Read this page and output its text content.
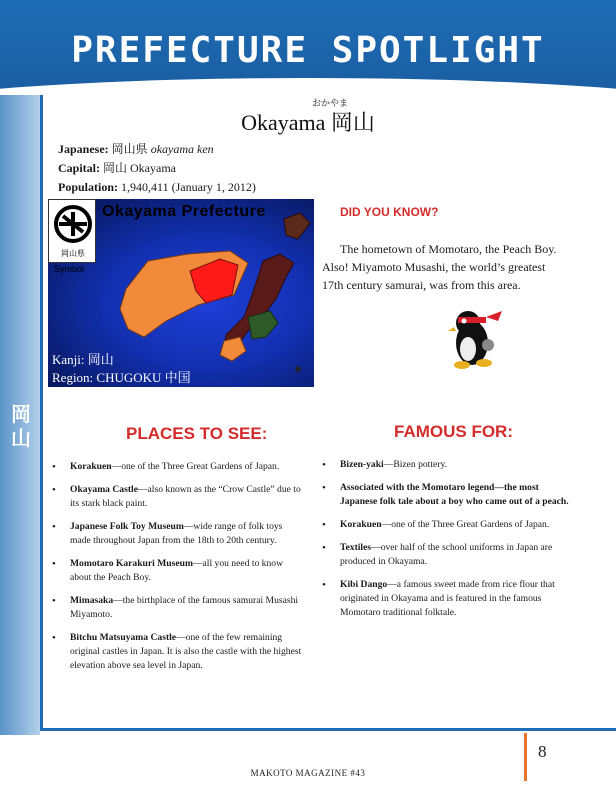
PREFECTURE SPOTLIGHT
岡
山
おかやま
Okayama 岡山
Japanese: 岡山県 okayama ken
Capital: 岡山 Okayama
Population: 1,940,411 (January 1, 2012)
Okayama Prefecture
岡山県
Symbol
Kanji: 岡山
Region: CHUGOKU 中国
DID YOU KNOW?

The hometown of Momotaro, the Peach Boy. Also! Miyamoto Musashi, the world’s greatest 17th century samurai, was from this area.

PLACES TO SEE:
• Korakuen—one of the Three Great Gardens of Japan.
• Okayama Castle—also known as the “Crow Castle” due to its stark black paint.
• Japanese Folk Toy Museum—wide range of folk toys made throughout Japan from the 18th to 20th century.
• Momotaro Karakuri Museum—all you need to know about the Peach Boy.
• Mimasaka—the birthplace of the famous samurai Musashi Miyamoto.
• Bitchu Matsuyama Castle—one of the few remaining original castles in Japan. It is also the castle with the highest elevation above sea level in Japan.
FAMOUS FOR:
• Bizen-yaki—Bizen pottery.
• Associated with the Momotaro legend—the most Japanese folk tale about a boy who came out of a peach.
• Korakuen—one of the Three Great Gardens of Japan.
• Textiles—over half of the school uniforms in Japan are produced in Okayama.
• Kibi Dango—a famous sweet made from rice flour that originated in Okayama and is featured in the famous Momotaro traditional folktale.
8
MAKOTO MAGAZINE #43
